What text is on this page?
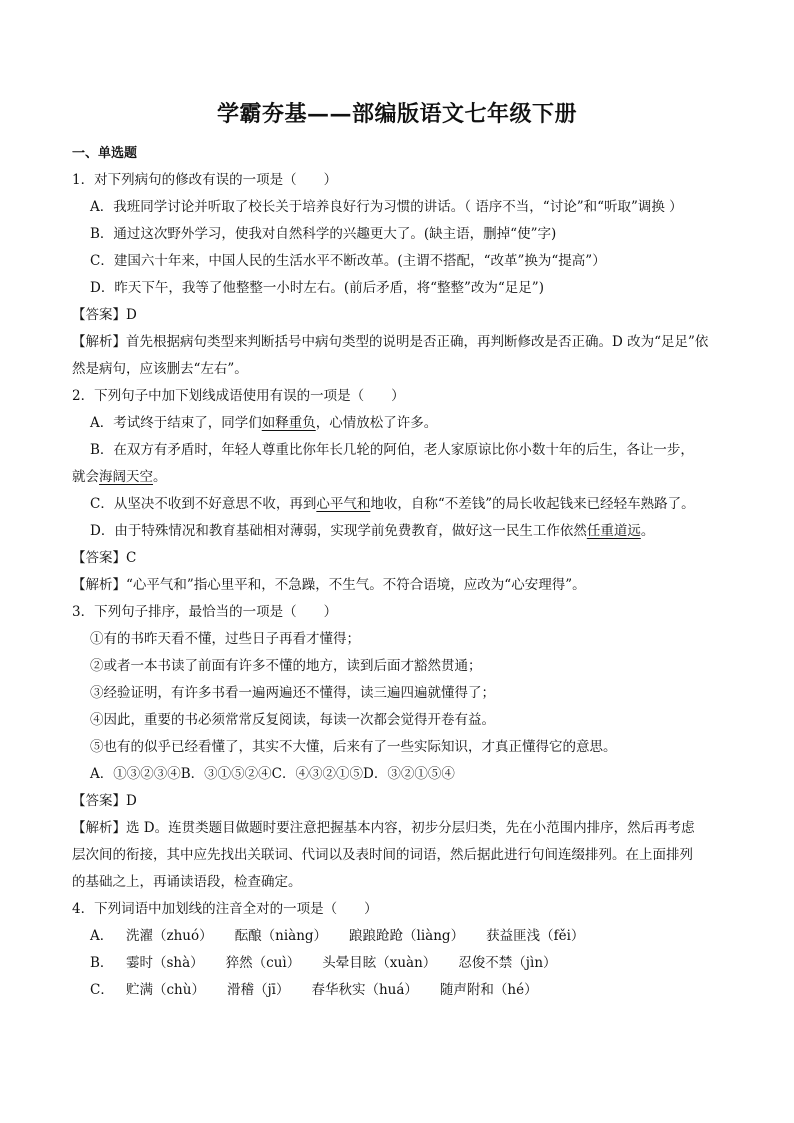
学霸夯基——部编版语文七年级下册
一、单选题
1．对下列病句的修改有误的一项是（　　）
A．我班同学讨论并听取了校长关于培养良好行为习惯的讲话。（ 语序不当，“讨论”和“听取”调换 ）
B．通过这次野外学习，使我对自然科学的兴趣更大了。(缺主语，删掉“使”字)
C．建国六十年来，中国人民的生活水平不断改革。(主谓不搭配，“改革”换为“提高”）
D．昨天下午，我等了他整整一小时左右。(前后矛盾，将“整整”改为“足足”)
【答案】D
【解析】首先根据病句类型来判断括号中病句类型的说明是否正确，再判断修改是否正确。D 改为“足足”依
然是病句，应该删去“左右”。
2．下列句子中加下划线成语使用有误的一项是（　　）
A．考试终于结束了，同学们如释重负，心情放松了许多。
B．在双方有矛盾时，年轻人尊重比你年长几轮的阿伯，老人家原谅比你小数十年的后生，各让一步，
就会海阔天空。
C．从坚决不收到不好意思不收，再到心平气和地收，自称“不差钱”的局长收起钱来已经轻车熟路了。
D．由于特殊情况和教育基础相对薄弱，实现学前免费教育，做好这一民生工作依然任重道远。
【答案】C
【解析】“心平气和”指心里平和，不急躁，不生气。不符合语境，应改为“心安理得”。
3．下列句子排序，最恰当的一项是（　　）
①有的书昨天看不懂，过些日子再看才懂得；
②或者一本书读了前面有许多不懂的地方，读到后面才豁然贯通；
③经验证明，有许多书看一遍两遍还不懂得，读三遍四遍就懂得了；
④因此，重要的书必须常常反复阅读，每读一次都会觉得开卷有益。
⑤也有的似乎已经看懂了，其实不大懂，后来有了一些实际知识，才真正懂得它的意思。
A．①③②③④B．③①⑤②④C．④③②①⑤D．③②①⑤④
【答案】D
【解析】选 D。连贯类题目做题时要注意把握基本内容，初步分层归类，先在小范围内排序，然后再考虑
层次间的衔接，其中应先找出关联词、代词以及表时间的词语，然后据此进行句间连缀排列。在上面排列
的基础之上，再诵读语段，检查确定。
4．下列词语中加划线的注音全对的一项是（　　）
A． 洗濯（zhuó） 酝酿（niàng） 踉踉跄跄（liàng） 获益匪浅（fěi）
B． 霎时（shà） 猝然（cuì） 头晕目眩（xuàn） 忍俊不禁（jìn）
C． 贮满（chù） 滑稽（jī） 春华秋实（huá） 随声附和（hé）
